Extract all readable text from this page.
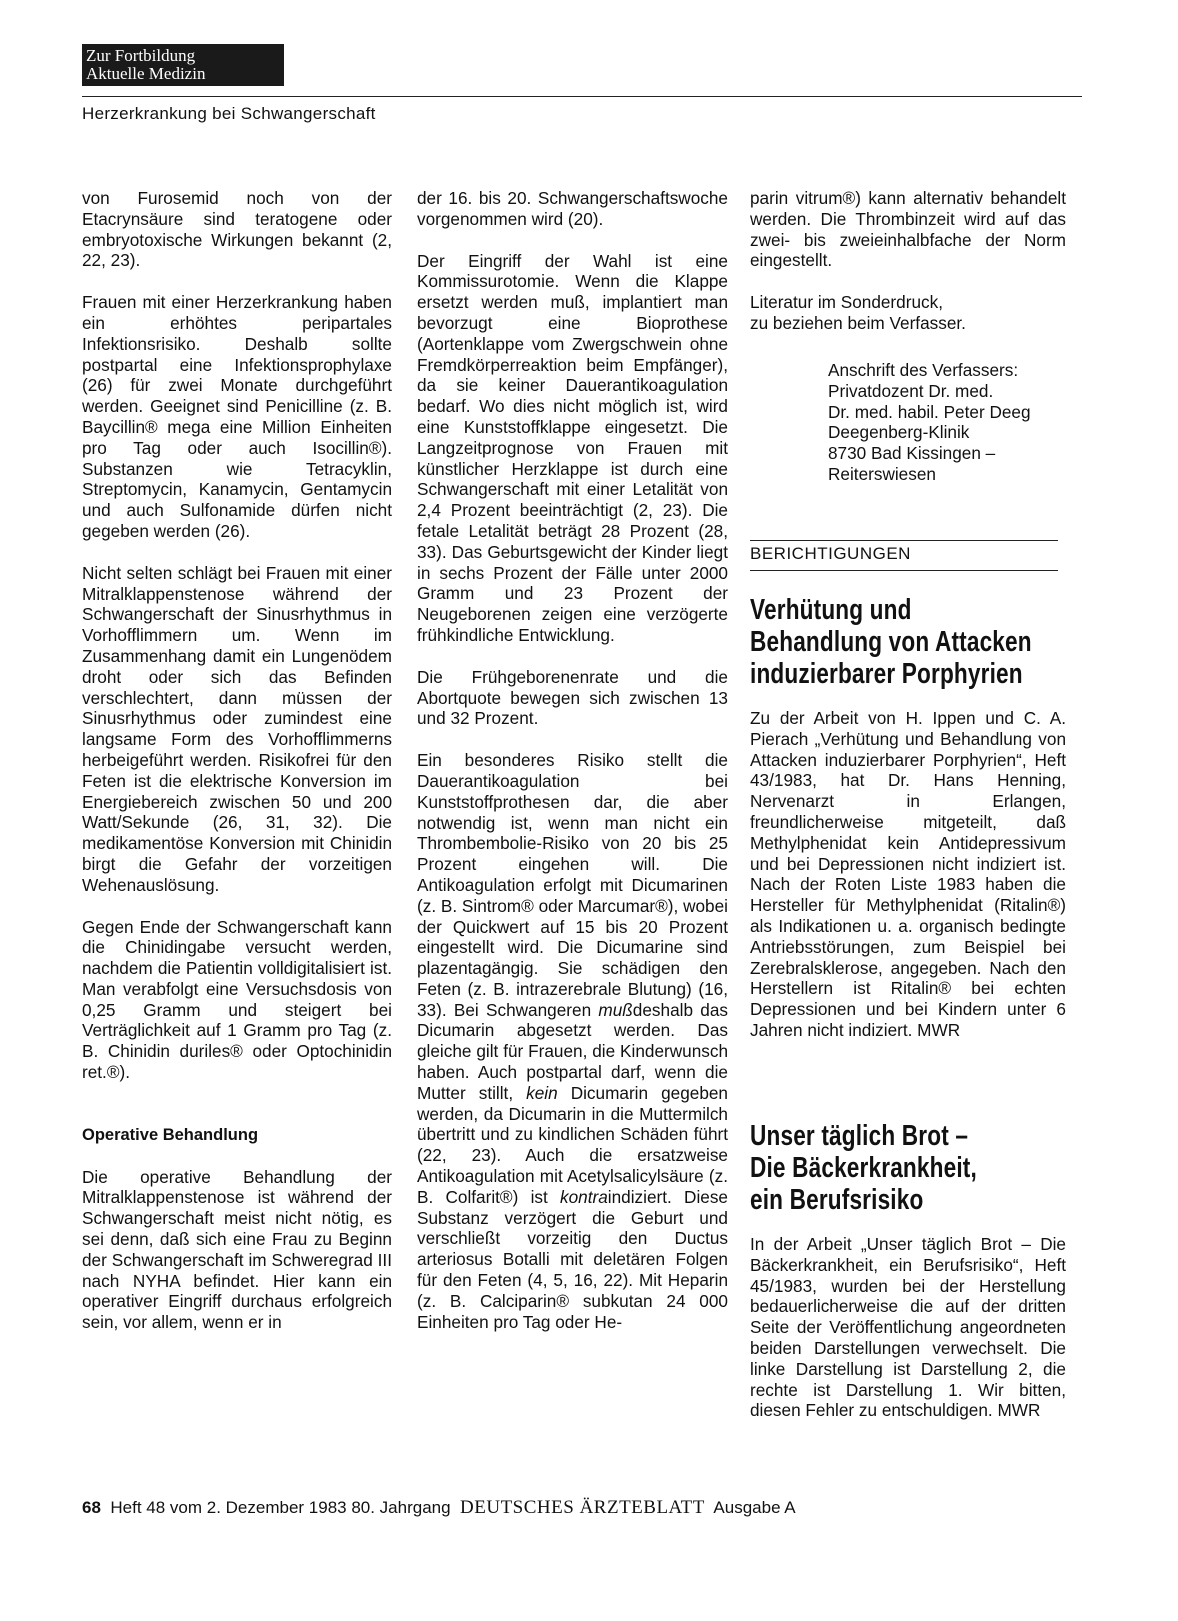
Zur Fortbildung
Aktuelle Medizin
Herzerkrankung bei Schwangerschaft

von Furosemid noch von der Etacrynsäure sind teratogene oder embryotoxische Wirkungen bekannt (2, 22, 23).

Frauen mit einer Herzerkrankung haben ein erhöhtes peripartales Infektionsrisiko. Deshalb sollte postpartal eine Infektionsprophylaxe (26) für zwei Monate durchgeführt werden. Geeignet sind Penicilline (z. B. Baycillin® mega eine Million Einheiten pro Tag oder auch Isocillin®). Substanzen wie Tetracyklin, Streptomycin, Kanamycin, Gentamycin und auch Sulfonamide dürfen nicht gegeben werden (26).

Nicht selten schlägt bei Frauen mit einer Mitralklappenstenose während der Schwangerschaft der Sinusrhythmus in Vorhofflimmern um. Wenn im Zusammenhang damit ein Lungenödem droht oder sich das Befinden verschlechtert, dann müssen der Sinusrhythmus oder zumindest eine langsame Form des Vorhofflimmerns herbeigeführt werden. Risikofrei für den Feten ist die elektrische Konversion im Energiebereich zwischen 50 und 200 Watt/Sekunde (26, 31, 32). Die medikamentöse Konversion mit Chinidin birgt die Gefahr der vorzeitigen Wehenauslösung.

Gegen Ende der Schwangerschaft kann die Chinidingabe versucht werden, nachdem die Patientin volldigitalisiert ist. Man verabfolgt eine Versuchsdosis von 0,25 Gramm und steigert bei Verträglichkeit auf 1 Gramm pro Tag (z. B. Chinidin duriles® oder Optochinidin ret.®).

Operative Behandlung

Die operative Behandlung der Mitralklappenstenose ist während der Schwangerschaft meist nicht nötig, es sei denn, daß sich eine Frau zu Beginn der Schwangerschaft im Schweregrad III nach NYHA befindet. Hier kann ein operativer Eingriff durchaus erfolgreich sein, vor allem, wenn er in

der 16. bis 20. Schwangerschaftswoche vorgenommen wird (20).

Der Eingriff der Wahl ist eine Kommissurotomie. Wenn die Klappe ersetzt werden muß, implantiert man bevorzugt eine Bioprothese (Aortenklappe vom Zwergschwein ohne Fremdkörperreaktion beim Empfänger), da sie keiner Dauerantikoagulation bedarf. Wo dies nicht möglich ist, wird eine Kunststoffklappe eingesetzt. Die Langzeitprognose von Frauen mit künstlicher Herzklappe ist durch eine Schwangerschaft mit einer Letalität von 2,4 Prozent beeinträchtigt (2, 23). Die fetale Letalität beträgt 28 Prozent (28, 33). Das Geburtsgewicht der Kinder liegt in sechs Prozent der Fälle unter 2000 Gramm und 23 Prozent der Neugeborenen zeigen eine verzögerte frühkindliche Entwicklung.

Die Frühgeborenenrate und die Abortquote bewegen sich zwischen 13 und 32 Prozent.

Ein besonderes Risiko stellt die Dauerantikoagulation bei Kunststoffprothesen dar, die aber notwendig ist, wenn man nicht ein Thrombembolie-Risiko von 20 bis 25 Prozent eingehen will. Die Antikoagulation erfolgt mit Dicumarinen (z. B. Sintrom® oder Marcumar®), wobei der Quickwert auf 15 bis 20 Prozent eingestellt wird. Die Dicumarine sind plazentagängig. Sie schädigen den Feten (z. B. intrazerebrale Blutung) (16, 33). Bei Schwangeren mußdeshalb das Dicumarin abgesetzt werden. Das gleiche gilt für Frauen, die Kinderwunsch haben. Auch postpartal darf, wenn die Mutter stillt, kein Dicumarin gegeben werden, da Dicumarin in die Muttermilch übertritt und zu kindlichen Schäden führt (22, 23). Auch die ersatzweise Antikoagulation mit Acetylsalicylsäure (z. B. Colfarit®) ist kontraindiziert. Diese Substanz verzögert die Geburt und verschließt vorzeitig den Ductus arteriosus Botalli mit deletären Folgen für den Feten (4, 5, 16, 22). Mit Heparin (z. B. Calciparin® subkutan 24 000 Einheiten pro Tag oder He-

parin vitrum®) kann alternativ behandelt werden. Die Thrombinzeit wird auf das zwei- bis zweieinhalbfache der Norm eingestellt.

Literatur im Sonderdruck,
zu beziehen beim Verfasser.

Anschrift des Verfassers:
Privatdozent Dr. med.
Dr. med. habil. Peter Deeg
Deegenberg-Klinik
8730 Bad Kissingen –
Reiterswiesen
BERICHTIGUNGEN
Verhütung und
Behandlung von Attacken
induzierbarer Porphyrien
Zu der Arbeit von H. Ippen und C. A. Pierach „Verhütung und Behandlung von Attacken induzierbarer Porphyrien“, Heft 43/1983, hat Dr. Hans Henning, Nervenarzt in Erlangen, freundlicherweise mitgeteilt, daß Methylphenidat kein Antidepressivum und bei Depressionen nicht indiziert ist. Nach der Roten Liste 1983 haben die Hersteller für Methylphenidat (Ritalin®) als Indikationen u. a. organisch bedingte Antriebsstörungen, zum Beispiel bei Zerebralsklerose, angegeben. Nach den Herstellern ist Ritalin® bei echten Depressionen und bei Kindern unter 6 Jahren nicht indiziert. MWR
Unser täglich Brot –
Die Bäckerkrankheit,
ein Berufsrisiko
In der Arbeit „Unser täglich Brot – Die Bäckerkrankheit, ein Berufsrisiko“, Heft 45/1983, wurden bei der Herstellung bedauerlicherweise die auf der dritten Seite der Veröffentlichung angeordneten beiden Darstellungen verwechselt. Die linke Darstellung ist Darstellung 2, die rechte ist Darstellung 1. Wir bitten, diesen Fehler zu entschuldigen. MWR
68 Heft 48 vom 2. Dezember 1983 80. Jahrgang DEUTSCHES ÄRZTEBLATT Ausgabe A
